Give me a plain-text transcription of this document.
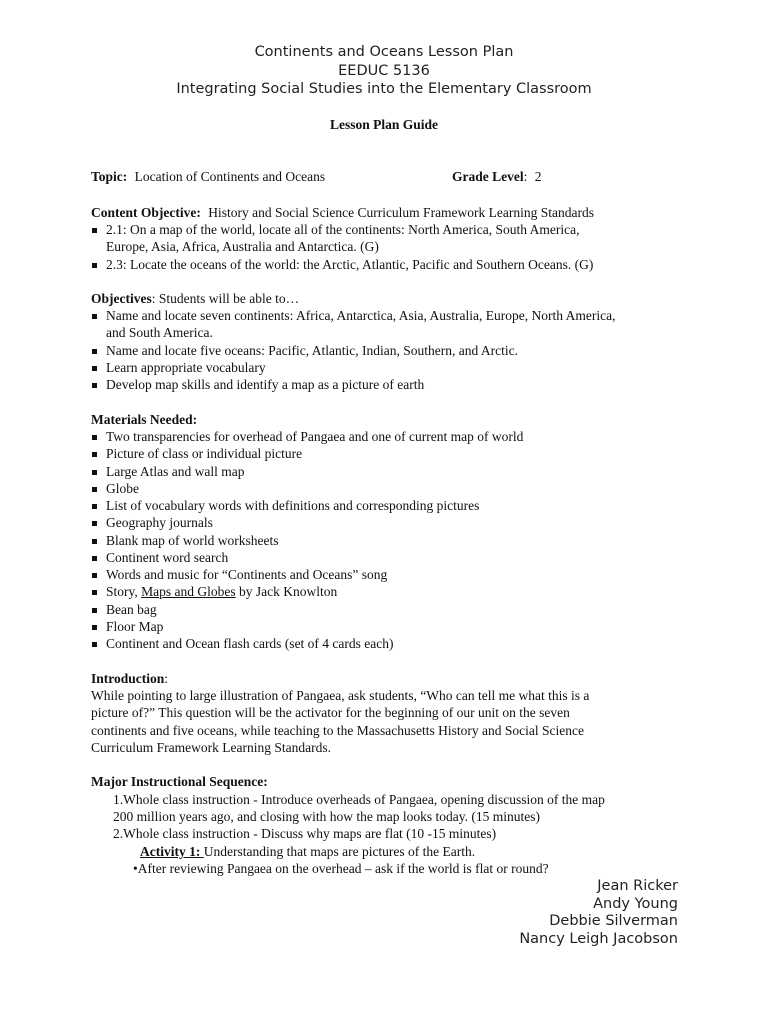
Continents and Oceans Lesson Plan
EEDUC 5136
Integrating Social Studies into the Elementary Classroom
Lesson Plan Guide
Topic: Location of Continents and Oceans	Grade Level: 2
Content Objective: History and Social Science Curriculum Framework Learning Standards
2.1: On a map of the world, locate all of the continents: North America, South America,
Europe, Asia, Africa, Australia and Antarctica. (G)
2.3: Locate the oceans of the world: the Arctic, Atlantic, Pacific and Southern Oceans. (G)
Objectives: Students will be able to…
Name and locate seven continents: Africa, Antarctica, Asia, Australia, Europe, North America,
and South America.
Name and locate five oceans: Pacific, Atlantic, Indian, Southern, and Arctic.
Learn appropriate vocabulary
Develop map skills and identify a map as a picture of earth
Materials Needed:
Two transparencies for overhead of Pangaea and one of current map of world
Picture of class or individual picture
Large Atlas and wall map
Globe
List of vocabulary words with definitions and corresponding pictures
Geography journals
Blank map of world worksheets
Continent word search
Words and music for “Continents and Oceans” song
Story, Maps and Globes by Jack Knowlton
Bean bag
Floor Map
Continent and Ocean flash cards (set of 4 cards each)
Introduction:
While pointing to large illustration of Pangaea, ask students, “Who can tell me what this is a
picture of?” This question will be the activator for the beginning of our unit on the seven
continents and five oceans, while teaching to the Massachusetts History and Social Science
Curriculum Framework Learning Standards.
Major Instructional Sequence:
1.Whole class instruction - Introduce overheads of Pangaea, opening discussion of the map
200 million years ago, and closing with how the map looks today. (15 minutes)
2.Whole class instruction - Discuss why maps are flat (10 -15 minutes)
Activity 1: Understanding that maps are pictures of the Earth.
•After reviewing Pangaea on the overhead – ask if the world is flat or round?
Jean Ricker
Andy Young
Debbie Silverman
Nancy Leigh Jacobson
